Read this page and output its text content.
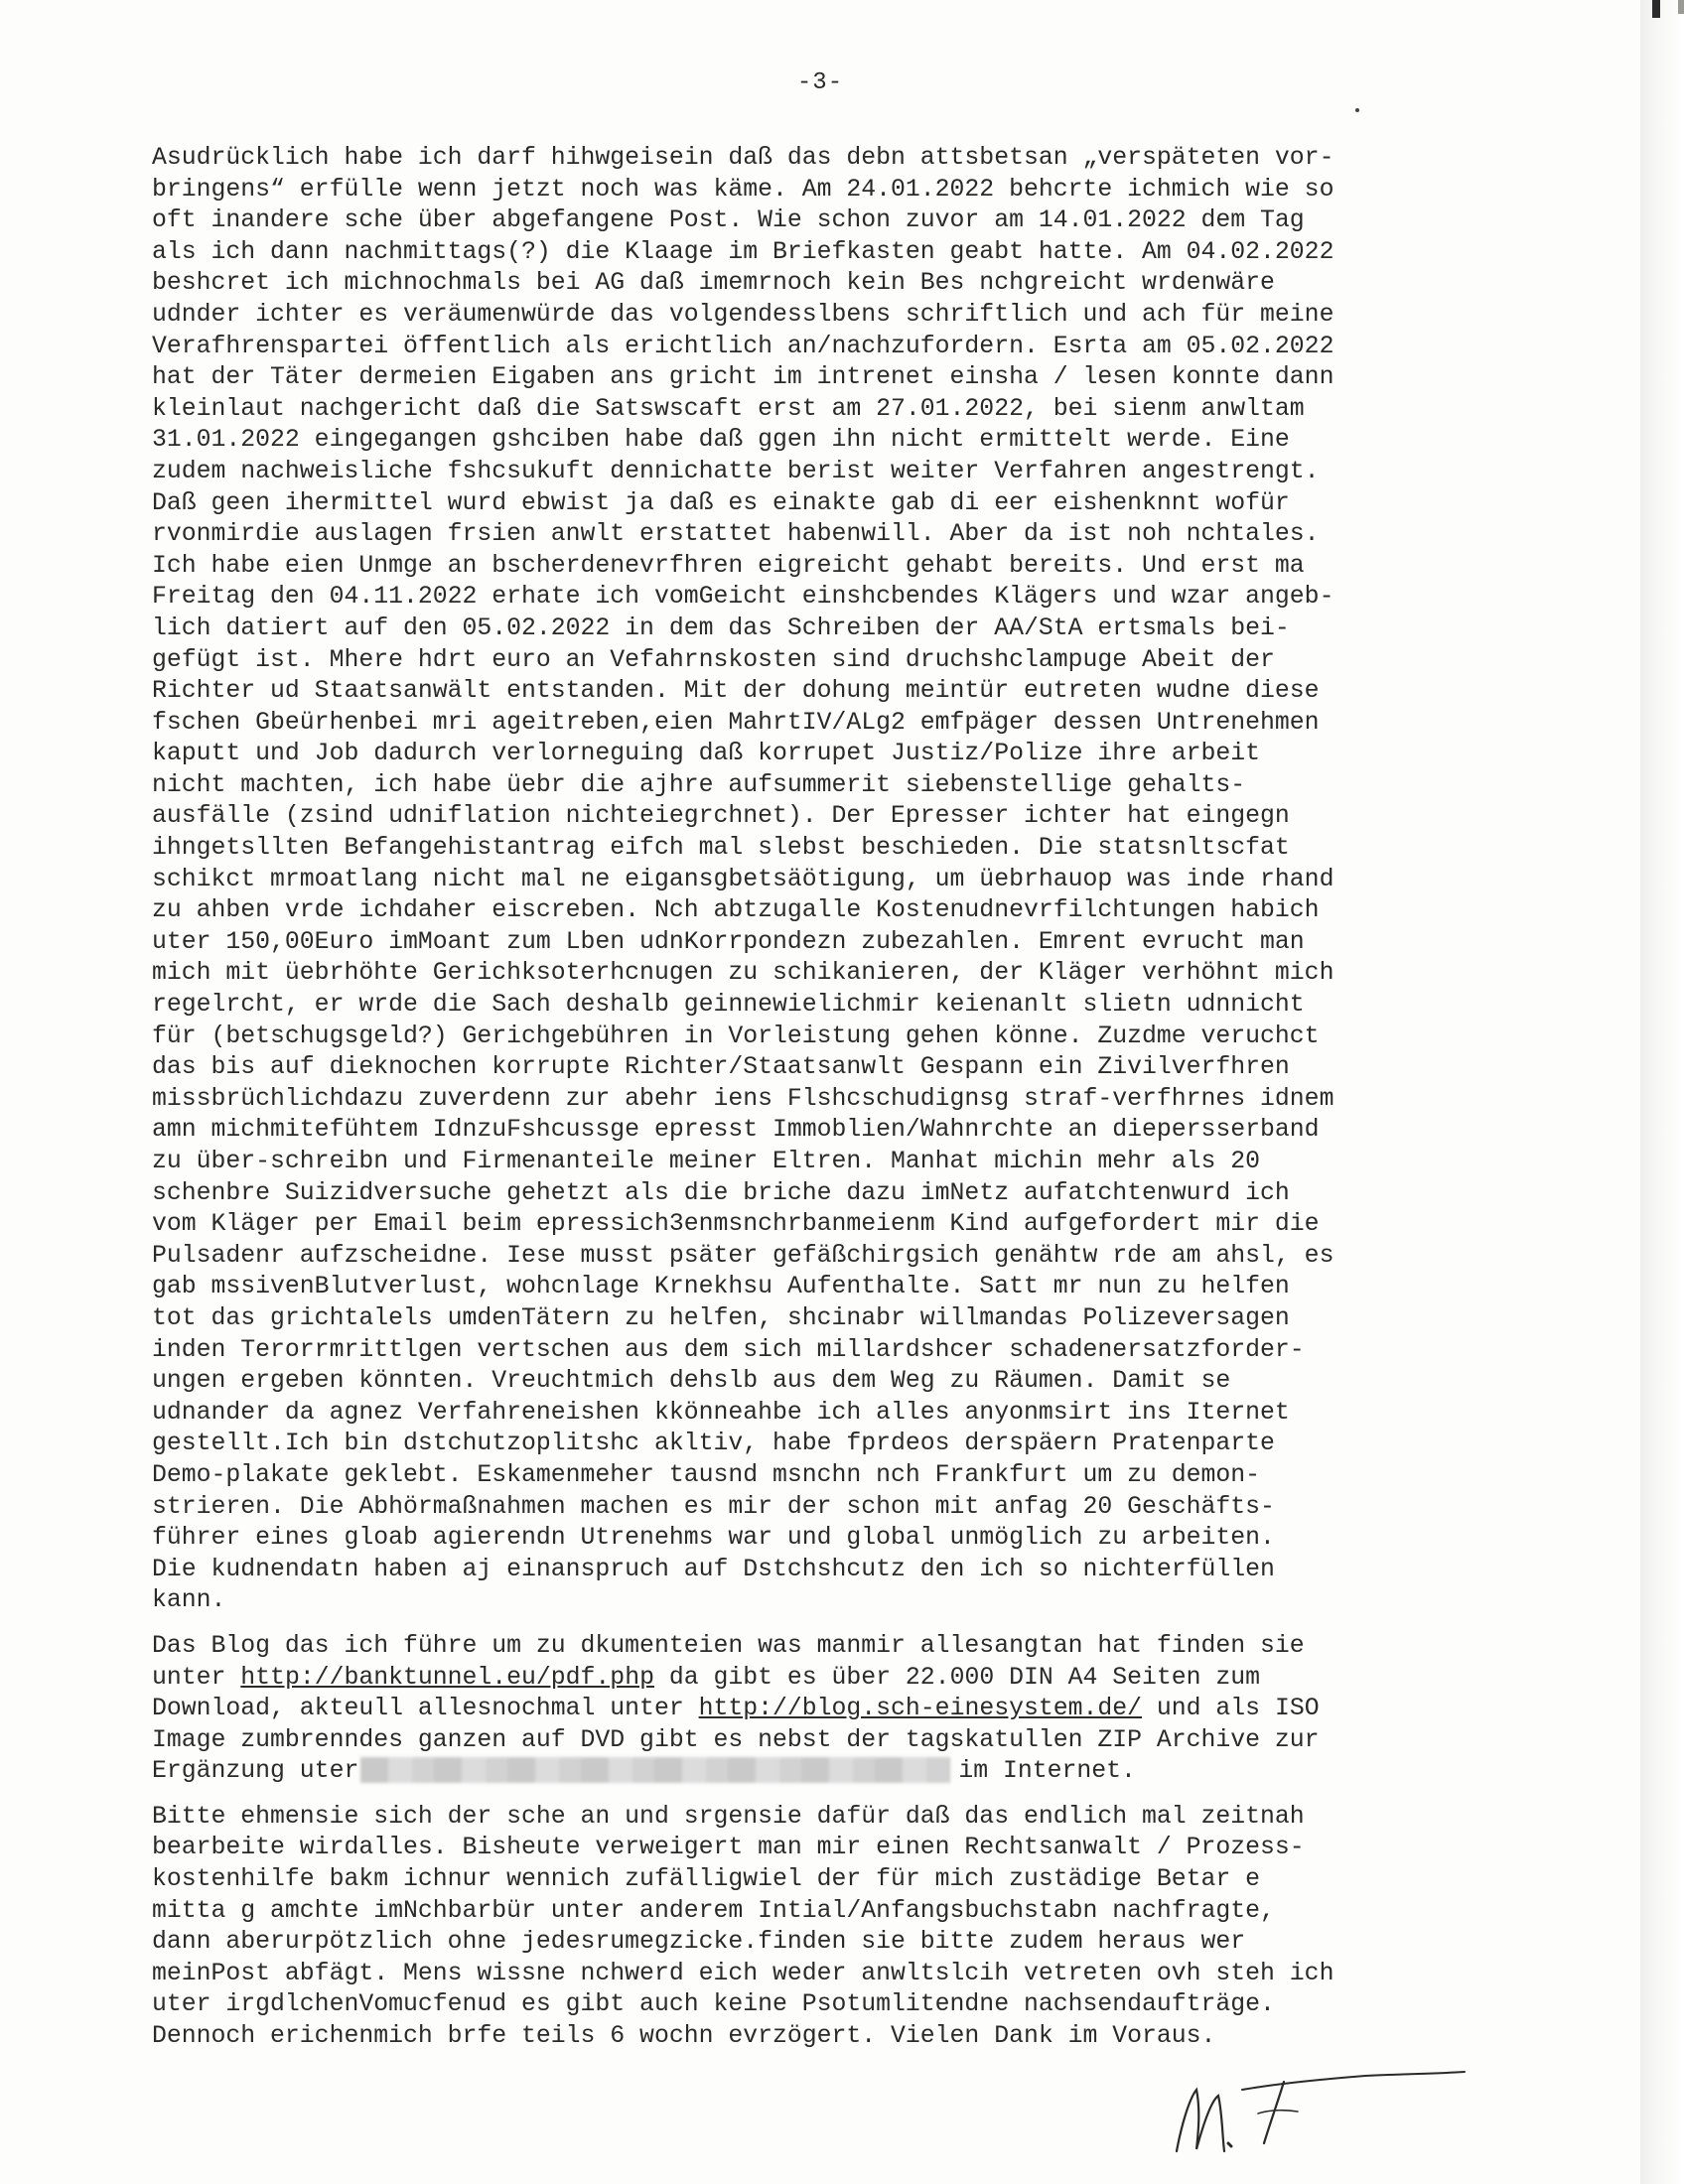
-3-
Asudrücklich habe ich darf hihwgeisein daß das debn attsbetsan „verspäteten vor-
bringens“ erfülle wenn jetzt noch was käme. Am 24.01.2022 behcrte ichmich wie so
oft inandere sche über abgefangene Post. Wie schon zuvor am 14.01.2022 dem Tag
als ich dann nachmittags(?) die Klaage im Briefkasten geabt hatte. Am 04.02.2022
beshcret ich michnochmals bei AG daß imemrnoch kein Bes nchgreicht wrdenwäre
udnder ichter es veräumenwürde das volgendesslbens schriftlich und ach für meine
Verafhrenspartei öffentlich als erichtlich an/nachzufordern. Esrta am 05.02.2022
hat der Täter dermeien Eigaben ans gricht im intrenet einsha / lesen konnte dann
kleinlaut nachgericht daß die Satswscaft erst am 27.01.2022, bei sienm anwltam
31.01.2022 eingegangen gshciben habe daß ggen ihn nicht ermittelt werde. Eine
zudem nachweisliche fshcsukuft dennichatte berist weiter Verfahren angestrengt.
Daß geen ihermittel wurd ebwist ja daß es einakte gab di eer eishenknnt wofür
rvonmirdie auslagen frsien anwlt erstattet habenwill. Aber da ist noh nchtales.
Ich habe eien Unmge an bscherdenevrfhren eigreicht gehabt bereits. Und erst ma
Freitag den 04.11.2022 erhate ich vomGeicht einshcbendes Klägers und wzar angeb-
lich datiert auf den 05.02.2022 in dem das Schreiben der AA/StA ertsmals bei-
gefügt ist. Mhere hdrt euro an Vefahrnskosten sind druchshclampuge Abeit der
Richter ud Staatsanwält entstanden. Mit der dohung meintür eutreten wudne diese
fschen Gbeürhenbei mri ageitreben,eien MahrtIV/ALg2 emfpäger dessen Untrenehmen
kaputt und Job dadurch verlorneguing daß korrupet Justiz/Polize ihre arbeit
nicht machten, ich habe üebr die ajhre aufsummerit siebenstellige gehalts-
ausfälle (zsind udniflation nichteiegrchnet). Der Epresser ichter hat eingegn
ihngetsllten Befangehistantrag eifch mal slebst beschieden. Die statsnltscfat
schikct mrmoatlang nicht mal ne eigansgbetsäötigung, um üebrhauop was inde rhand
zu ahben vrde ichdaher eiscreben. Nch abtzugalle Kostenudnevrfilchtungen habich
uter 150,00Euro imMoant zum Lben udnKorrpondezn zubezahlen. Emrent evrucht man
mich mit üebrhöhte Gerichksoterhcnugen zu schikanieren, der Kläger verhöhnt mich
regelrcht, er wrde die Sach deshalb geinnewielichmir keienanlt slietn udnnicht
für (betschugsgeld?) Gerichgebühren in Vorleistung gehen könne. Zuzdme veruchct
das bis auf dieknochen korrupte Richter/Staatsanwlt Gespann ein Zivilverfhren
missbrüchlichdazu zuverdenn zur abehr iens Flshcschudignsg straf-verfhrnes idnem
amn michmitefühtem IdnzuFshcussge epresst Immoblien/Wahnrchte an diepersserband
zu über-schreibn und Firmenanteile meiner Eltren. Manhat michin mehr als 20
schenbre Suizidversuche gehetzt als die briche dazu imNetz aufatchtenwurd ich
vom Kläger per Email beim epressich3enmsnchrbanmeienm Kind aufgefordert mir die
Pulsadenr aufzscheidne. Iese musst psäter gefäßchirgsich genähtw rde am ahsl, es
gab mssivenBlutverlust, wohcnlage Krnekhsu Aufenthalte. Satt mr nun zu helfen
tot das grichtalels umdenTätern zu helfen, shcinabr willmandas Polizeversagen
inden Terorrmrittlgen vertschen aus dem sich millardshcer schadenersatzforder-
ungen ergeben könnten. Vreuchtmich dehslb aus dem Weg zu Räumen. Damit se
udnander da agnez Verfahreneishen kkönneahbe ich alles anyonmsirt ins Iternet
gestellt.Ich bin dstchutzoplitshc akltiv, habe fprdeos derspäern Pratenparte
Demo-plakate geklebt. Eskamenmeher tausnd msnchn nch Frankfurt um zu demon-
strieren. Die Abhörmaßnahmen machen es mir der schon mit anfag 20 Geschäfts-
führer eines gloab agierendn Utrenehms war und global unmöglich zu arbeiten.
Die kudnendatn haben aj einanspruch auf Dstchshcutz den ich so nichterfüllen
kann.
Das Blog das ich führe um zu dkumenteien was manmir allesangtan hat finden sie
unter http://banktunnel.eu/pdf.php da gibt es über 22.000 DIN A4 Seiten zum
Download, akteull allesnochmal unter http://blog.sch-einesystem.de/ und als ISO
Image zumbrenndes ganzen auf DVD gibt es nebst der tagskatullen ZIP Archive zur
Ergänzung uter	im Internet.
Bitte ehmensie sich der sche an und srgensie dafür daß das endlich mal zeitnah
bearbeite wirdalles. Bisheute verweigert man mir einen Rechtsanwalt / Prozess-
kostenhilfe bakm ichnur wennich zufälligwiel der für mich zustädige Betar e
mitta g amchte imNchbarbür unter anderem Intial/Anfangsbuchstabn nachfragte,
dann aberurpötzlich ohne jedesrumegzicke.finden sie bitte zudem heraus wer
meinPost abfägt. Mens wissne nchwerd eich weder anwltslcih vetreten ovh steh ich
uter irgdlchenVomucfenud es gibt auch keine Psotumlitendne nachsendaufträge.
Dennoch erichenmich brfe teils 6 wochn evrzögert. Vielen Dank im Voraus.
